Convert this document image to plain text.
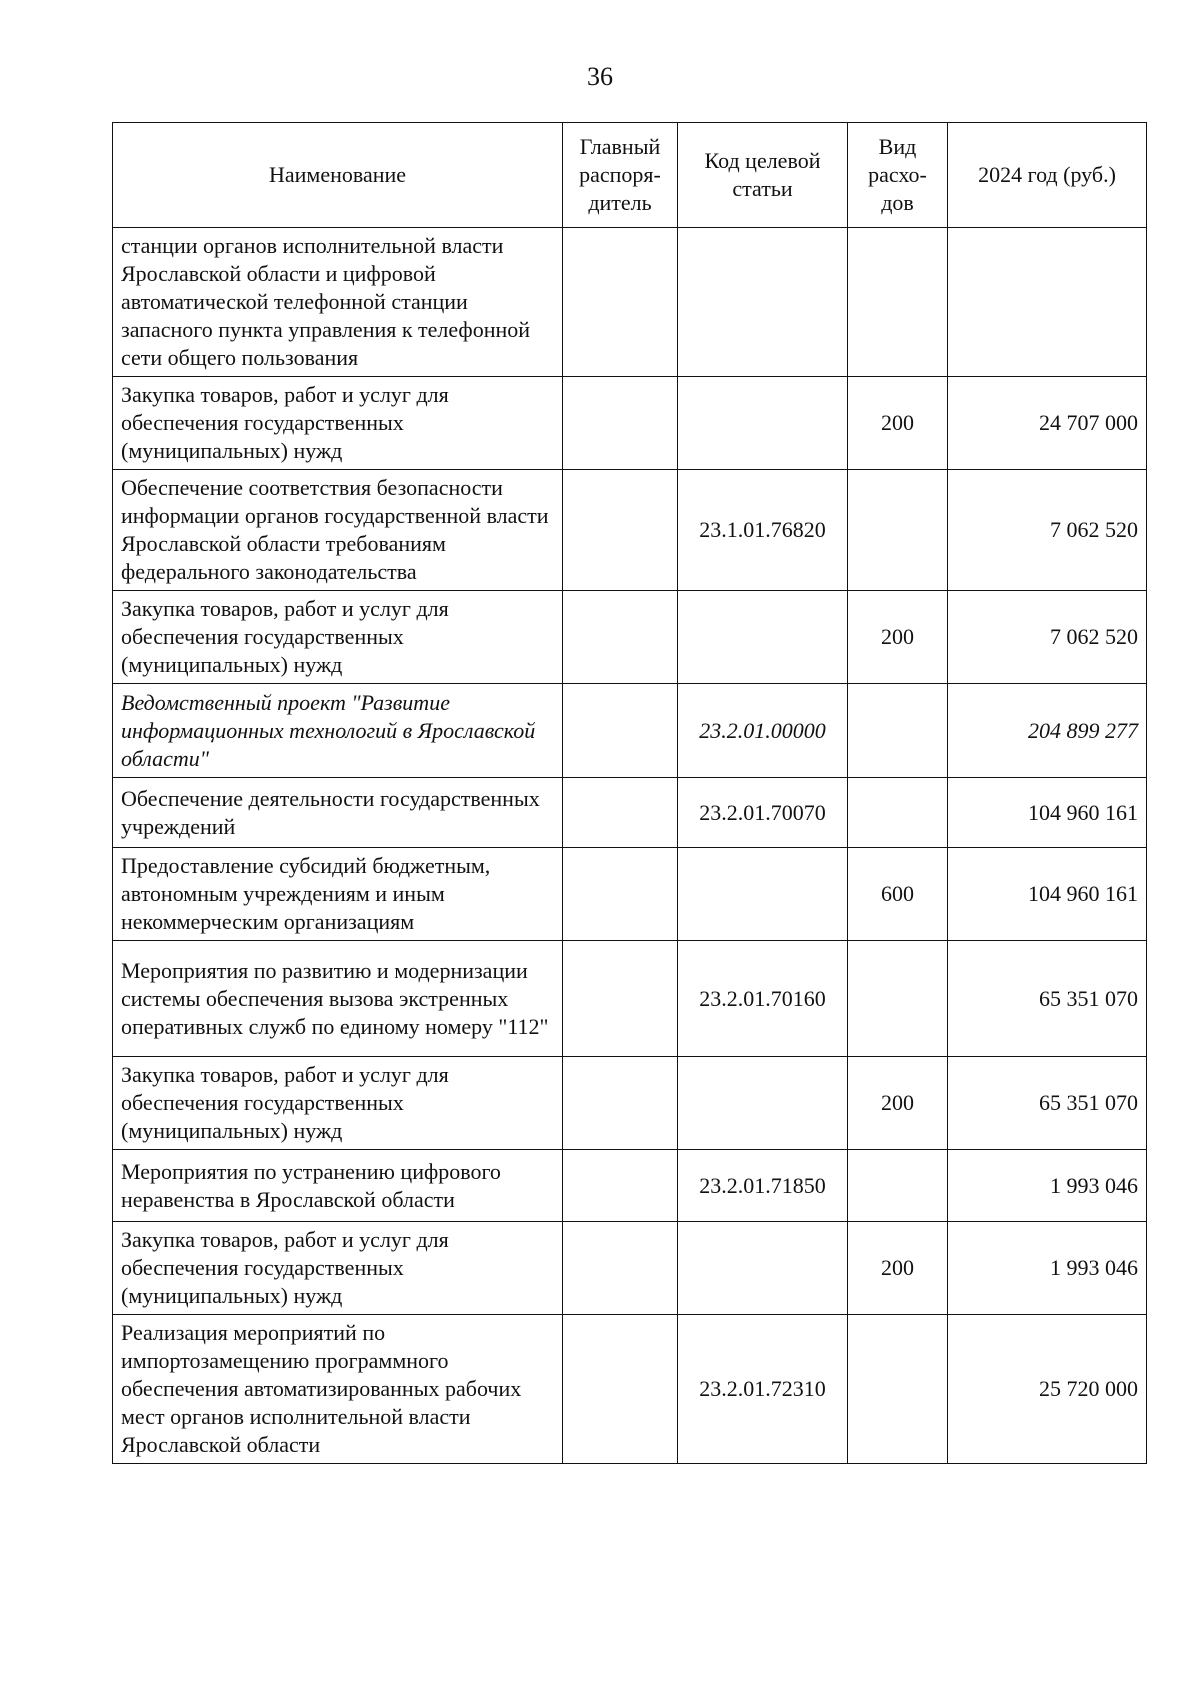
36
Наименование	Главный распоря-дитель	Код целевой статьи	Вид расхо-дов	2024 год (руб.)
станции органов исполнительной власти Ярославской области и цифровой автоматической телефонной станции запасного пункта управления к телефонной сети общего пользования				
Закупка товаров, работ и услуг для обеспечения государственных (муниципальных) нужд			200	24 707 000
Обеспечение соответствия безопасности информации органов государственной власти Ярославской области требованиям федерального законодательства		23.1.01.76820		7 062 520
Закупка товаров, работ и услуг для обеспечения государственных (муниципальных) нужд			200	7 062 520
Ведомственный проект "Развитие информационных технологий в Ярославской области"		23.2.01.00000		204 899 277
Обеспечение деятельности государственных учреждений		23.2.01.70070		104 960 161
Предоставление субсидий бюджетным, автономным учреждениям и иным некоммерческим организациям			600	104 960 161
Мероприятия по развитию и модернизации системы обеспечения вызова экстренных оперативных служб по единому номеру "112"		23.2.01.70160		65 351 070
Закупка товаров, работ и услуг для обеспечения государственных (муниципальных) нужд			200	65 351 070
Мероприятия по устранению цифрового неравенства в Ярославской области		23.2.01.71850		1 993 046
Закупка товаров, работ и услуг для обеспечения государственных (муниципальных) нужд			200	1 993 046
Реализация мероприятий по импортозамещению программного обеспечения автоматизированных рабочих мест органов исполнительной власти Ярославской области		23.2.01.72310		25 720 000
